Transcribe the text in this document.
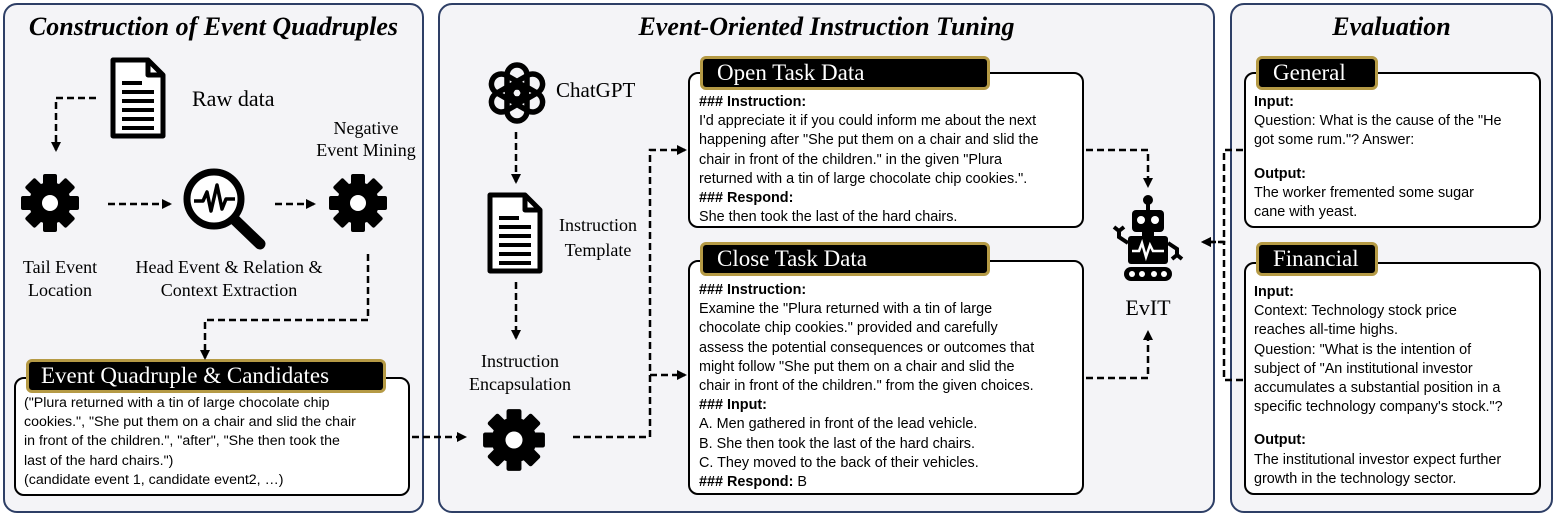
Construction of Event Quadruples	Event-Oriented Instruction Tuning	Evaluation
Raw data
Negative
Event Mining
Tail Event
Location
Head Event & Relation &
Context Extraction
("Plura returned with a tin of large chocolate chip
cookies.", "She put them on a chair and slid the chair
in front of the children.", "after", "She then took the
last of the hard chairs.")
(candidate event 1, candidate event2, …)
Event Quadruple & Candidates
ChatGPT
Instruction
Template
Instruction
Encapsulation
### Instruction:
I'd appreciate it if you could inform me about the next
happening after "She put them on a chair and slid the
chair in front of the children." in the given "Plura
returned with a tin of large chocolate chip cookies.".
### Respond:
She then took the last of the hard chairs.
Open Task Data
### Instruction:
Examine the "Plura returned with a tin of large
chocolate chip cookies." provided and carefully
assess the potential consequences or outcomes that
might follow "She put them on a chair and slid the
chair in front of the children." from the given choices.
### Input:
A. Men gathered in front of the lead vehicle.
B. She then took the last of the hard chairs.
C. They moved to the back of their vehicles.
### Respond: B
Close Task Data
EvIT
Input:
Question: What is the cause of the "He
got some rum."? Answer:
Output:
The worker fremented some sugar
cane with yeast.
General
Input:
Context: Technology stock price
reaches all-time highs.
Question: "What is the intention of
subject of "An institutional investor
accumulates a substantial position in a
specific technology company's stock."?
Output:
The institutional investor expect further
growth in the technology sector.
Financial
